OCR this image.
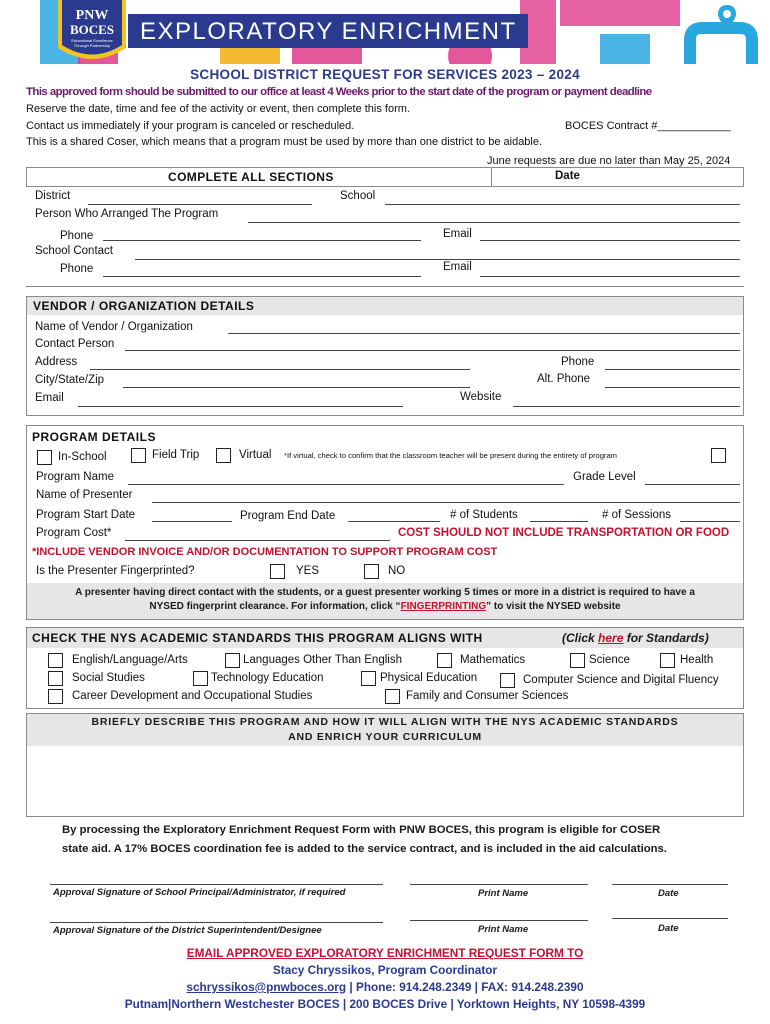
EXPLORATORY ENRICHMENT
PNW
BOCES
Educational Excellence Through Partnership
SCHOOL DISTRICT REQUEST FOR SERVICES 2023 – 2024
This approved form should be submitted to our office at least 4 Weeks prior to the start date of the program or payment deadline
Reserve the date, time and fee of the activity or event, then complete this form.
Contact us immediately if your program is canceled or rescheduled.	BOCES Contract #____________
This is a shared Coser, which means that a program must be used by more than one district to be aidable.
June requests are due no later than May 25, 2024
COMPLETE ALL SECTIONS	Date
District	School
Person Who Arranged The Program
Phone	Email
School Contact
Phone	Email
VENDOR / ORGANIZATION DETAILS
Name of Vendor / Organization
Contact Person
Address	Phone
City/State/Zip	Alt. Phone
Email	Website
PROGRAM DETAILS
In-School	Field Trip	Virtual *If virtual, check to confirm that the classroom teacher will be present during the entirety of program
Program Name	Grade Level
Name of Presenter
Program Start Date	Program End Date	# of Students	# of Sessions
Program Cost*	COST SHOULD NOT INCLUDE TRANSPORTATION OR FOOD
*INCLUDE VENDOR INVOICE AND/OR DOCUMENTATION TO SUPPORT PROGRAM COST
Is the Presenter Fingerprinted?	YES	NO
A presenter having direct contact with the students, or a guest presenter working 5 times or more in a district is required to have a
NYSED fingerprint clearance. For information, click “FINGERPRINTING” to visit the NYSED website
CHECK THE NYS ACADEMIC STANDARDS THIS PROGRAM ALIGNS WITH	(Click here for Standards)
English/Language/Arts	Languages Other Than English	Mathematics	Science	Health
Social Studies	Technology Education	Physical Education	Computer Science and Digital Fluency
Career Development and Occupational Studies	Family and Consumer Sciences
BRIEFLY DESCRIBE THIS PROGRAM AND HOW IT WILL ALIGN WITH THE NYS ACADEMIC STANDARDS
AND ENRICH YOUR CURRICULUM
By processing the Exploratory Enrichment Request Form with PNW BOCES, this program is eligible for COSER
state aid. A 17% BOCES coordination fee is added to the service contract, and is included in the aid calculations.
Approval Signature of School Principal/Administrator, if required	Print Name	Date
Approval Signature of the District Superintendent/Designee	Print Name	Date
EMAIL APPROVED EXPLORATORY ENRICHMENT REQUEST FORM TO
Stacy Chryssikos, Program Coordinator
schryssikos@pnwboces.org | Phone: 914.248.2349 | FAX: 914.248.2390
Putnam|Northern Westchester BOCES | 200 BOCES Drive | Yorktown Heights, NY 10598-4399
